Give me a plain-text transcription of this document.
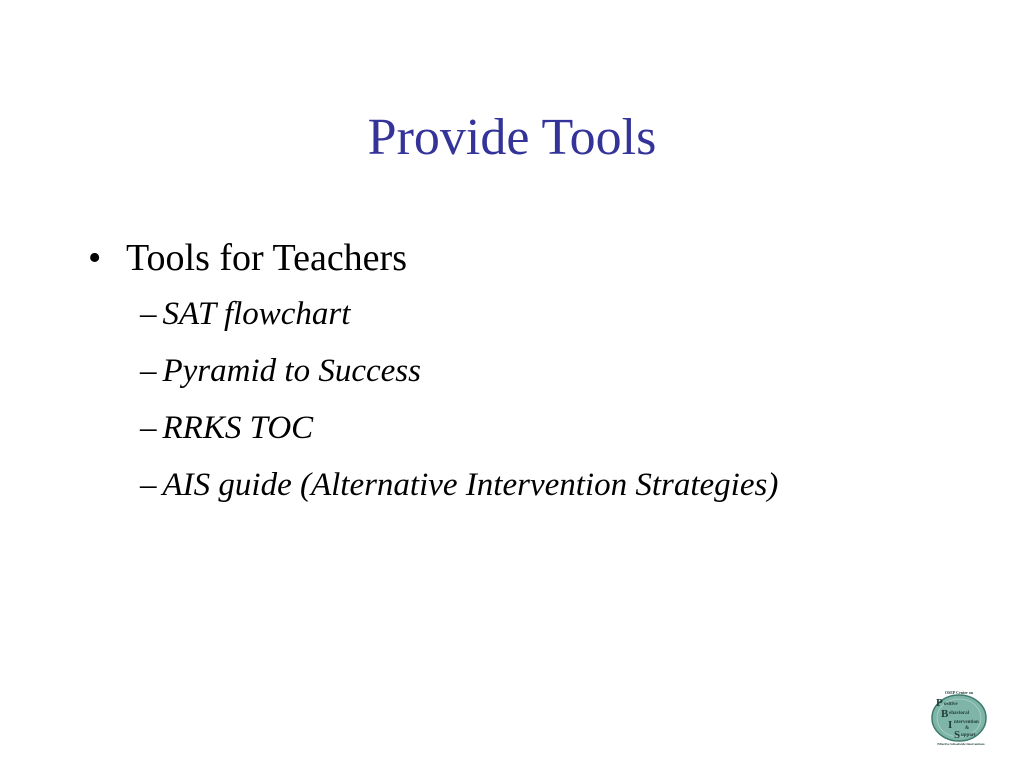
Provide Tools
• Tools for Teachers
– SAT flowchart
– Pyramid to Success
– RRKS TOC
– AIS guide (Alternative Intervention Strategies)
OSEP Center on
P ositive
B ehavioral
I ntervention
&
S upport
Effective Schoolwide Interventions
